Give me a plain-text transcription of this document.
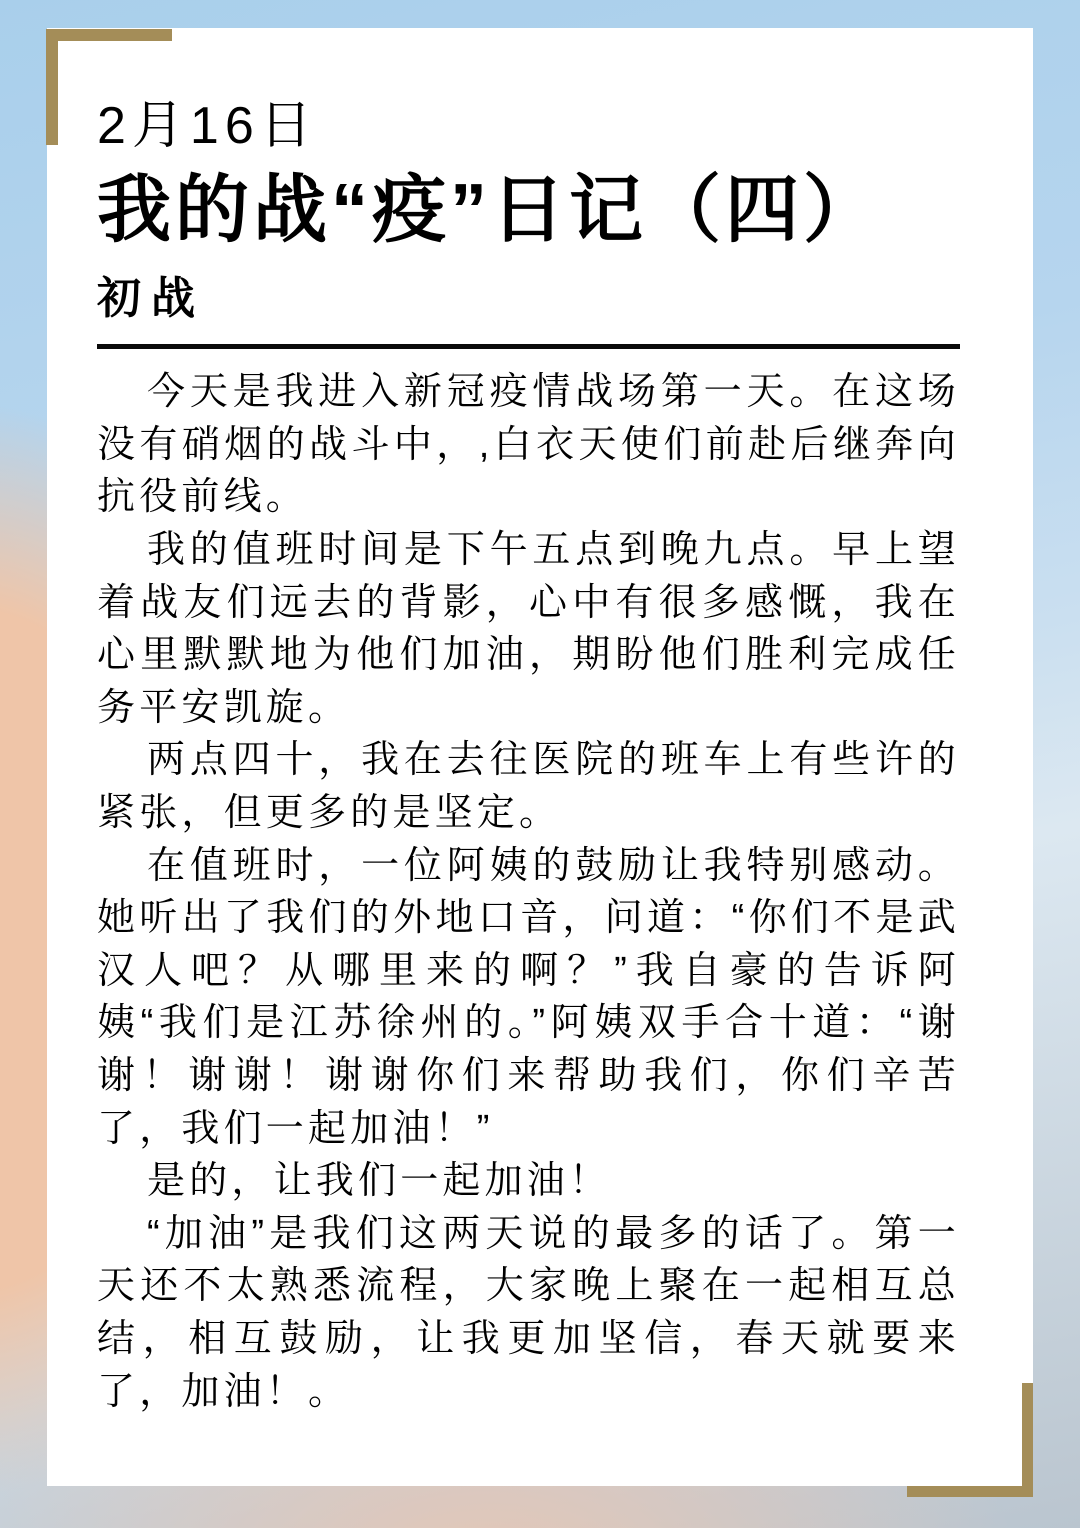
2月16日
我的战“疫”日记（四）
初战

今天是我进入新冠疫情战场第一天。在这场没有硝烟的战斗中，,白衣天使们前赴后继奔向抗役前线。

我的值班时间是下午五点到晚九点。早上望着战友们远去的背影，心中有很多感慨，我在心里默默地为他们加油，期盼他们胜利完成任务平安凯旋。

两点四十，我在去往医院的班车上有些许的紧张，但更多的是坚定。

在值班时，一位阿姨的鼓励让我特别感动。她听出了我们的外地口音，问道：“你们不是武汉人吧？从哪里来的啊？”我自豪的告诉阿姨“我们是江苏徐州的。”阿姨双手合十道：“谢谢！谢谢！谢谢你们来帮助我们，你们辛苦了，我们一起加油！”

是的，让我们一起加油！

“加油”是我们这两天说的最多的话了。第一天还不太熟悉流程，大家晚上聚在一起相互总结，相互鼓励，让我更加坚信，春天就要来了，加油！。
